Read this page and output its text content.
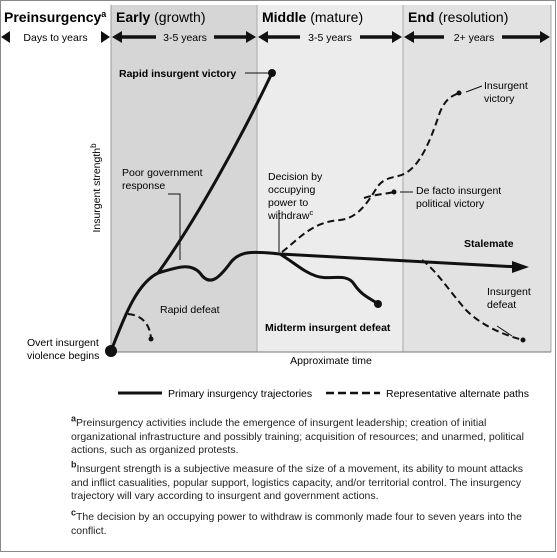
Preinsurgency$^a$ Early (growth)	Middle (mature)	End (resolution)
Days to years	3-5 years	3-5 years	2+ years
Insurgent strength$^b$
Approximate time
Overt insurgent
violence begins
Rapid insurgent victory
Poor government
response
Rapid defeat
Decision by
occupying
power to
withdraw$^c$
Insurgent
victory
De facto insurgent
political victory
Stalemate
Midterm insurgent defeat
Insurgent
defeat
Primary insurgency trajectories	Representative alternate paths
$^a$Preinsurgency activities include the emergence of insurgent leadership; creation of initial organizational infrastructure and possibly training; acquisition of resources; and unarmed, political actions, such as organized protests.
$^b$Insurgent strength is a subjective measure of the size of a movement, its ability to mount attacks and inflict casualities, popular support, logistics capacity, and/or territorial control. The insurgency trajectory will vary according to insurgent and government actions.
$^c$The decision by an occupying power to withdraw is commonly made four to seven years into the conflict.
